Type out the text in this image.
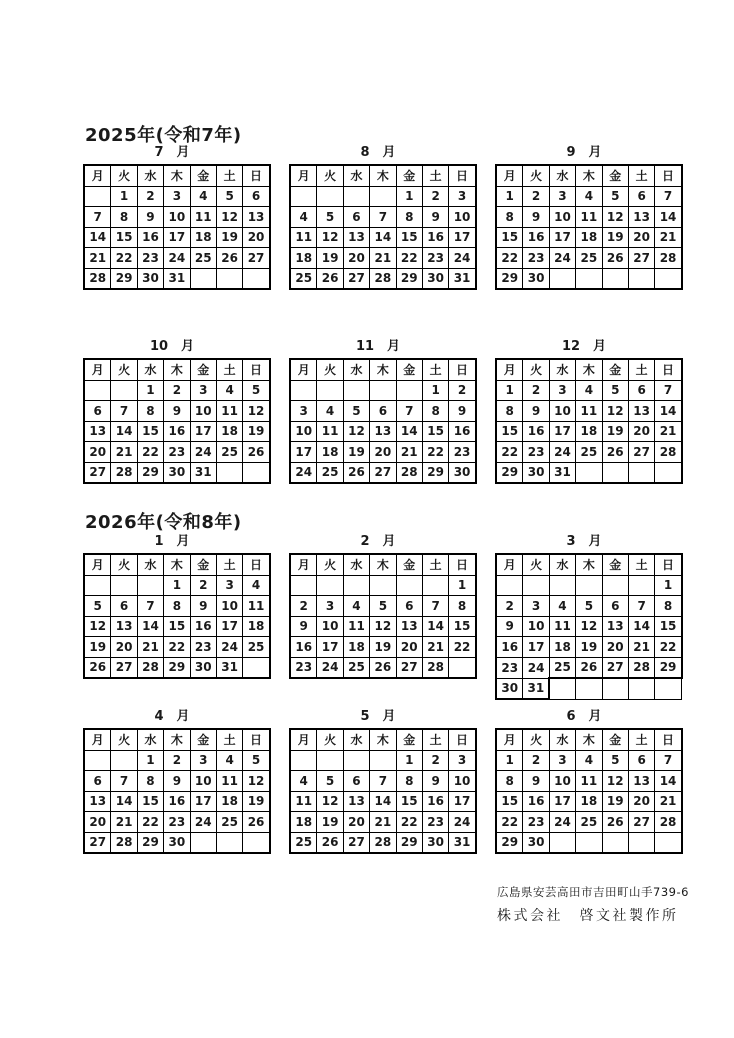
2025年(令和7年)
7 月
月	火	水	木	金	土	日
	1	2	3	4	5	6
7	8	9	10	11	12	13
14	15	16	17	18	19	20
21	22	23	24	25	26	27
28	29	30	31			
8 月
月	火	水	木	金	土	日
				1	2	3
4	5	6	7	8	9	10
11	12	13	14	15	16	17
18	19	20	21	22	23	24
25	26	27	28	29	30	31
9 月
月	火	水	木	金	土	日
1	2	3	4	5	6	7
8	9	10	11	12	13	14
15	16	17	18	19	20	21
22	23	24	25	26	27	28
29	30					
10 月
月	火	水	木	金	土	日
		1	2	3	4	5
6	7	8	9	10	11	12
13	14	15	16	17	18	19
20	21	22	23	24	25	26
27	28	29	30	31		
11 月
月	火	水	木	金	土	日
					1	2
3	4	5	6	7	8	9
10	11	12	13	14	15	16
17	18	19	20	21	22	23
24	25	26	27	28	29	30
12 月
月	火	水	木	金	土	日
1	2	3	4	5	6	7
8	9	10	11	12	13	14
15	16	17	18	19	20	21
22	23	24	25	26	27	28
29	30	31				
2026年(令和8年)
1 月
月	火	水	木	金	土	日
			1	2	3	4
5	6	7	8	9	10	11
12	13	14	15	16	17	18
19	20	21	22	23	24	25
26	27	28	29	30	31	
2 月
月	火	水	木	金	土	日
						1
2	3	4	5	6	7	8
9	10	11	12	13	14	15
16	17	18	19	20	21	22
23	24	25	26	27	28	
3 月
月	火	水	木	金	土	日
						1
2	3	4	5	6	7	8
9	10	11	12	13	14	15
16	17	18	19	20	21	22
23	24	25	26	27	28	29
30	31					
4 月
月	火	水	木	金	土	日
		1	2	3	4	5
6	7	8	9	10	11	12
13	14	15	16	17	18	19
20	21	22	23	24	25	26
27	28	29	30			
5 月
月	火	水	木	金	土	日
				1	2	3
4	5	6	7	8	9	10
11	12	13	14	15	16	17
18	19	20	21	22	23	24
25	26	27	28	29	30	31
6 月
月	火	水	木	金	土	日
1	2	3	4	5	6	7
8	9	10	11	12	13	14
15	16	17	18	19	20	21
22	23	24	25	26	27	28
29	30					
広島県安芸高田市吉田町山手739-6
株式会社　啓文社製作所
